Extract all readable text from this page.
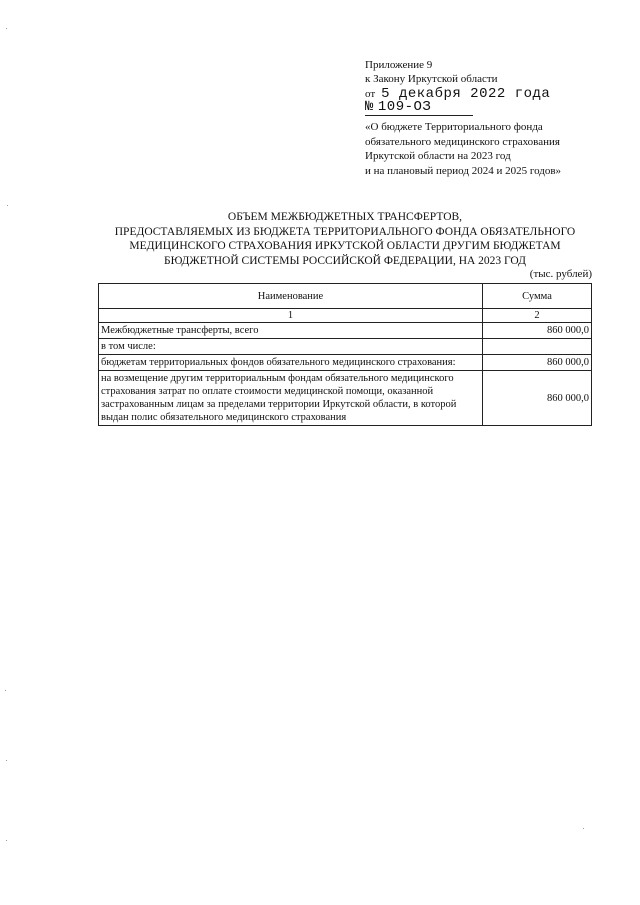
Приложение 9
к Закону Иркутской области
от 5 декабря 2022 года
№ 109-ОЗ
«О бюджете Территориального фонда
обязательного медицинского страхования
Иркутской области на 2023 год
и на плановый период 2024 и 2025 годов»
ОБЪЕМ МЕЖБЮДЖЕТНЫХ ТРАНСФЕРТОВ,
ПРЕДОСТАВЛЯЕМЫХ ИЗ БЮДЖЕТА ТЕРРИТОРИАЛЬНОГО ФОНДА ОБЯЗАТЕЛЬНОГО
МЕДИЦИНСКОГО СТРАХОВАНИЯ ИРКУТСКОЙ ОБЛАСТИ ДРУГИМ БЮДЖЕТАМ
БЮДЖЕТНОЙ СИСТЕМЫ РОССИЙСКОЙ ФЕДЕРАЦИИ, НА 2023 ГОД
(тыс. рублей)
Наименование	Сумма
1	2
Межбюджетные трансферты, всего	860 000,0
в том числе:	
бюджетам территориальных фондов обязательного медицинского страхования:	860 000,0
на возмещение другим территориальным фондам обязательного медицинского страхования затрат по оплате стоимости медицинской помощи, оказанной застрахованным лицам за пределами территории Иркутской области, в которой выдан полис обязательного медицинского страхования	860 000,0
